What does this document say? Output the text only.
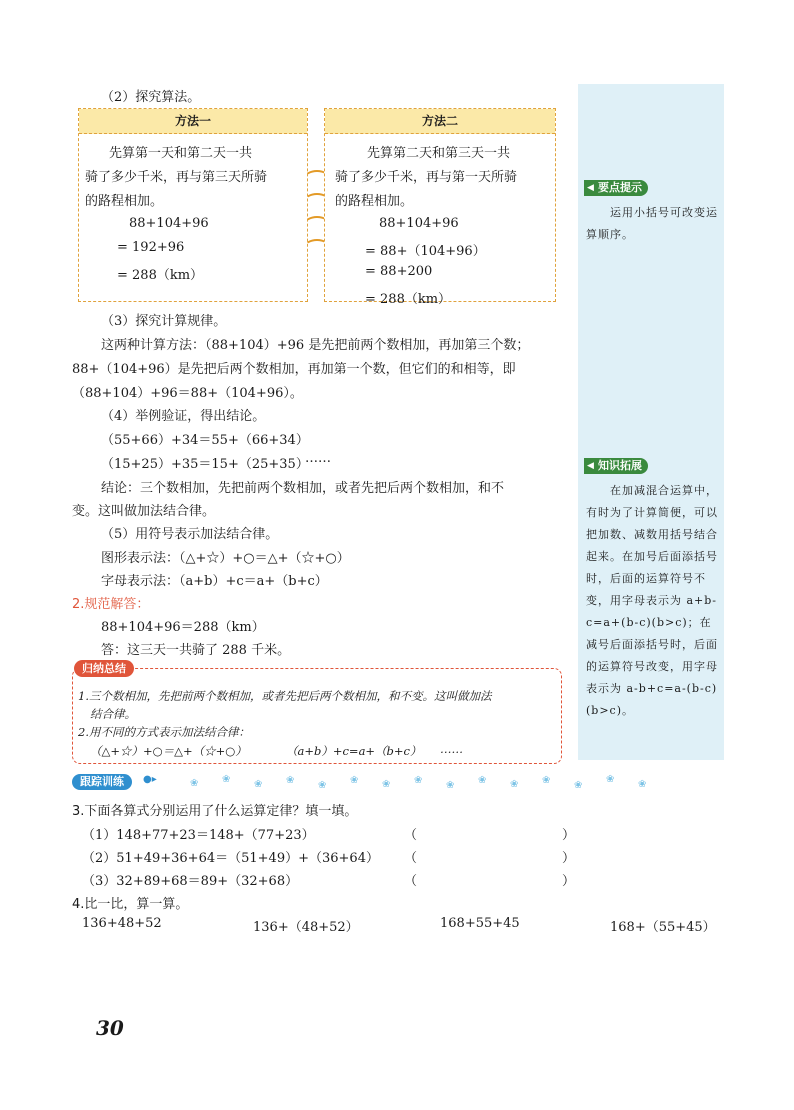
（2）探究算法。
方法一
先算第一天和第二天一共
骑了多少千米，再与第三天所骑
的路程相加。
88+104+96
= 192+96
= 288（km）
方法二
先算第二天和第三天一共
骑了多少千米，再与第一天所骑
的路程相加。
88+104+96
= 88+（104+96）
= 88+200
= 288（km）
（3）探究计算规律。
这两种计算方法：（88+104）+96 是先把前两个数相加，再加第三个数；
88+（104+96）是先把后两个数相加，再加第一个数，但它们的和相等，即
（88+104）+96＝88+（104+96）。
（4）举例验证，得出结论。
（55+66）+34＝55+（66+34）
（15+25）+35＝15+（25+35）
……
结论：三个数相加，先把前两个数相加，或者先把后两个数相加，和不
变。这叫做加法结合律。
（5）用符号表示加法结合律。
图形表示法：（△+☆）+○＝△+（☆+○）
字母表示法：（a+b）+c＝a+（b+c）
2.规范解答：
88+104+96＝288（km）
答：这三天一共骑了 288 千米。
归纳总结
1.三个数相加，先把前两个数相加，或者先把后两个数相加，和不变。这叫做加法
结合律。
2.用不同的方式表示加法结合律：
（△+☆）+○＝△+（☆+○）	（a+b）+c=a+（b+c） ……
跟踪训练	●▸	❀ ❀ ❀ ❀ ❀ ❀ ❀ ❀ ❀ ❀ ❀ ❀ ❀
❀ ❀
3.下面各算式分别运用了什么运算定律？填一填。
（1）148+77+23＝148+（77+23）	（	）
（2）51+49+36+64＝（51+49）+（36+64） （	）
（3）32+89+68＝89+（32+68）	（	）
4.比一比，算一算。
136+48+52	136+（48+52）	168+55+45	168+（55+45）
◀ 要点提示
运用小括号可改变运算顺序。
◀ 知识拓展
在加减混合运算中，有时为了计算简便，可以把加数、减数用括号结合起来。在加号后面添括号时，后面的运算符号不变，用字母表示为 a+b-c=a+(b-c)(b>c)；在减号后面添括号时，后面的运算符号改变，用字母表示为 a-b+c=a-(b-c)(b>c)。
30
